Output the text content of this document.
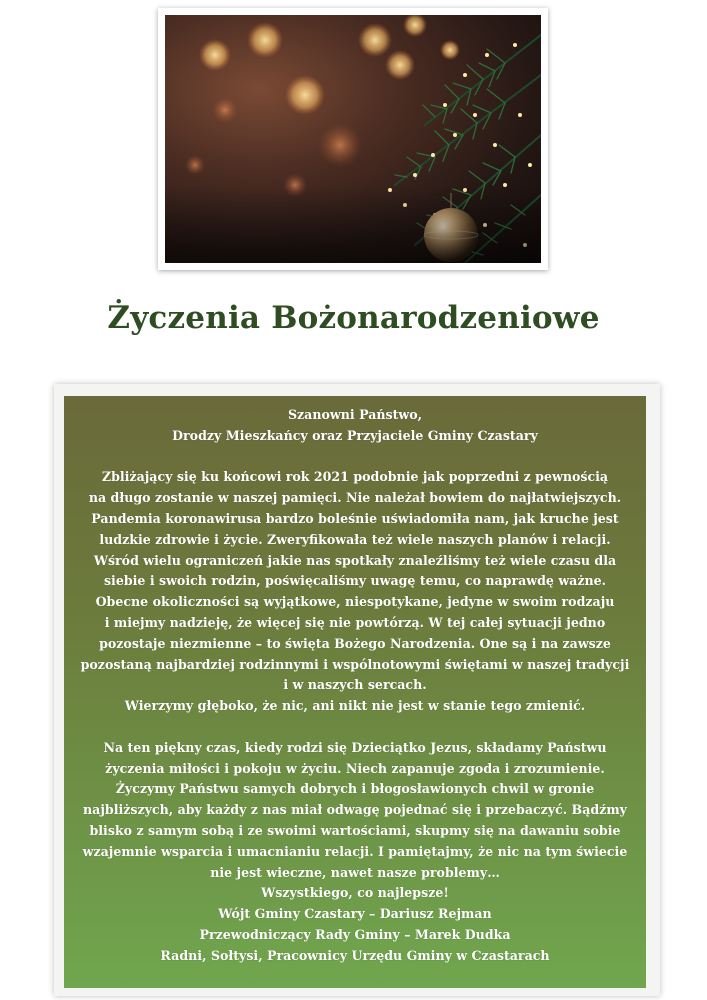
Życzenia Bożonarodzeniowe
Szanowni Państwo,
Drodzy Mieszkańcy oraz Przyjaciele Gminy Czastary
Zbliżający się ku końcowi rok 2021 podobnie jak poprzedni z pewnością
na długo zostanie w naszej pamięci. Nie należał bowiem do najłatwiejszych.
Pandemia koronawirusa bardzo boleśnie uświadomiła nam, jak kruche jest
ludzkie zdrowie i życie. Zweryfikowała też wiele naszych planów i relacji.
Wśród wielu ograniczeń jakie nas spotkały znaleźliśmy też wiele czasu dla
siebie i swoich rodzin, poświęcaliśmy uwagę temu, co naprawdę ważne.
Obecne okoliczności są wyjątkowe, niespotykane, jedyne w swoim rodzaju
i miejmy nadzieję, że więcej się nie powtórzą. W tej całej sytuacji jedno
pozostaje niezmienne – to święta Bożego Narodzenia. One są i na zawsze
pozostaną najbardziej rodzinnymi i wspólnotowymi świętami w naszej tradycji
i w naszych sercach.
Wierzymy głęboko, że nic, ani nikt nie jest w stanie tego zmienić.
Na ten piękny czas, kiedy rodzi się Dzieciątko Jezus, składamy Państwu
życzenia miłości i pokoju w życiu. Niech zapanuje zgoda i zrozumienie.
Życzymy Państwu samych dobrych i błogosławionych chwil w gronie
najbliższych, aby każdy z nas miał odwagę pojednać się i przebaczyć. Bądźmy
blisko z samym sobą i ze swoimi wartościami, skupmy się na dawaniu sobie
wzajemnie wsparcia i umacnianiu relacji. I pamiętajmy, że nic na tym świecie
nie jest wieczne, nawet nasze problemy…
Wszystkiego, co najlepsze!
Wójt Gminy Czastary – Dariusz Rejman
Przewodniczący Rady Gminy – Marek Dudka
Radni, Sołtysi, Pracownicy Urzędu Gminy w Czastarach
